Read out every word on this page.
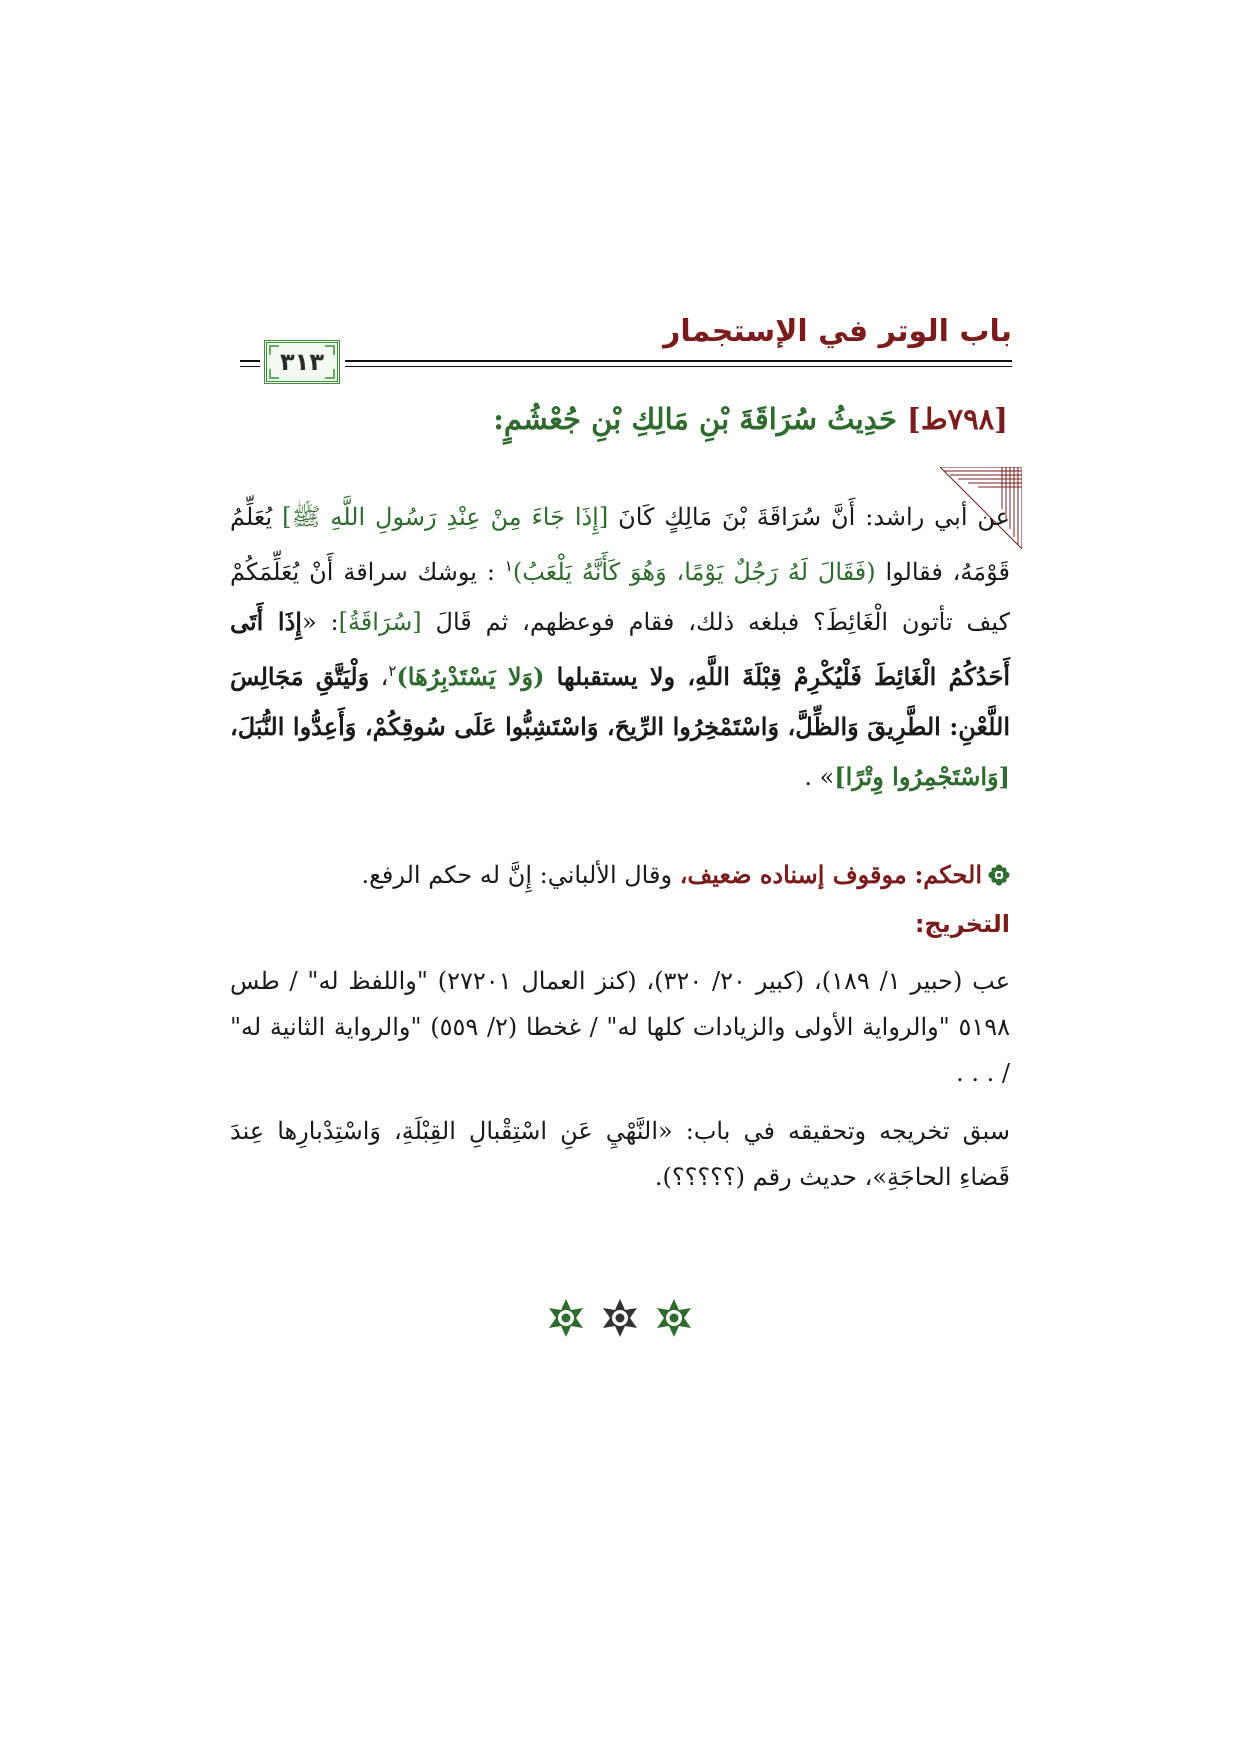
باب الوتر في الإستجمار
٣١٣
[٧٩٨ط] حَدِيثُ سُرَاقَةَ بْنِ مَالِكِ بْنِ جُعْشُمٍ:
عن أبي راشد: أَنَّ سُرَاقَةَ بْنَ مَالِكٍ كَانَ [إِذَا جَاءَ مِنْ عِنْدِ رَسُولِ اللَّهِ ﷺ] يُعَلِّمُ قَوْمَهُ، فقالوا (فَقَالَ لَهُ رَجُلٌ يَوْمًا، وَهُوَ كَأَنَّهُ يَلْعَبُ)$^١$ : يوشك سراقة أَنْ يُعَلِّمَكُمْ كيف تأتون الْغَائِطَ؟ فبلغه ذلك، فقام فوعظهم، ثم قَالَ [سُرَاقَةُ]: «إِذَا أَتَى أَحَدُكُمُ الْغَائِطَ فَلْيُكْرِمْ قِبْلَةَ اللَّهِ، ولا يستقبلها (وَلا يَسْتَدْبِرُهَا)$^٢$، وَلْيَتَّقِ مَجَالِسَ اللَّعْنِ: الطَّرِيقَ وَالظِّلَّ، وَاسْتَمْخِرُوا الرِّيحَ، وَاسْتَشِبُّوا عَلَى سُوقِكُمْ، وَأَعِدُّوا النُّبَلَ، [وَاسْتَجْمِرُوا وِتْرًا]» .
الحكم: موقوف إسناده ضعيف، وقال الألباني: إِنَّ له حكم الرفع.
التخريج:
عب (حبير ١/ ١٨٩)، (كبير ٢٠/ ٣٢٠)، (كنز العمال ٢٧٢٠١) "واللفظ له" / طس ٥١٩٨ "والرواية الأولى والزيادات كلها له" / غخطا (٢/ ٥٥٩) "والرواية الثانية له" / . . .
سبق تخريجه وتحقيقه في باب: «النَّهْيِ عَنِ اسْتِقْبالِ القِبْلَةِ، وَاسْتِدْبارِها عِندَ قَضاءِ الحاجَةِ»، حديث رقم (؟؟؟؟؟).
